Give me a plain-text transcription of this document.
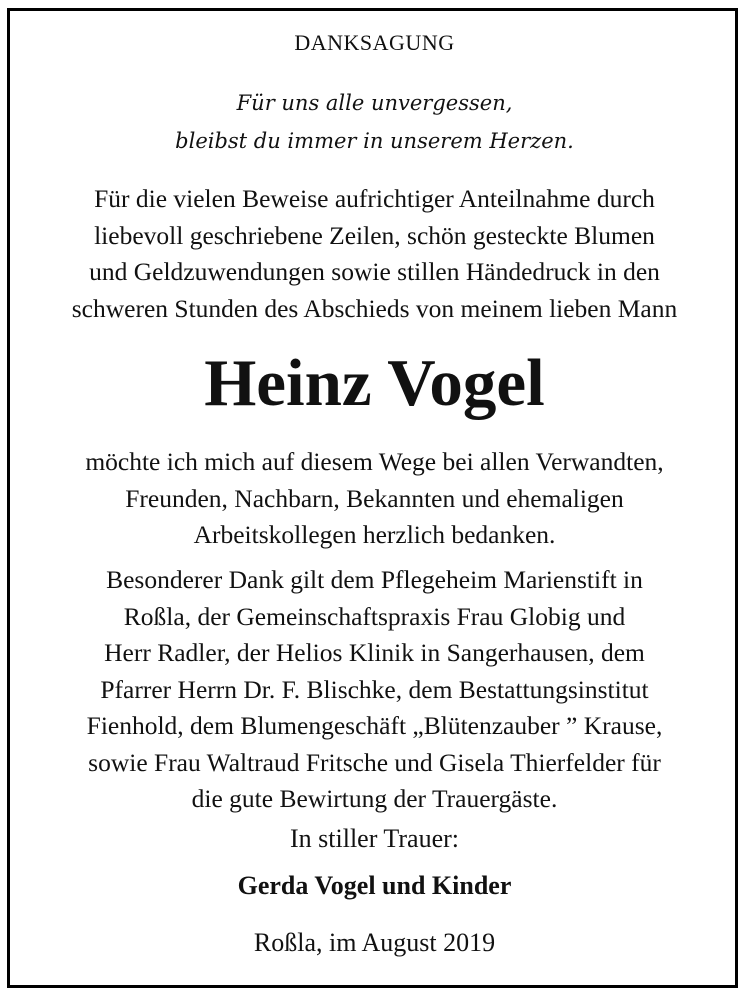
DANKSAGUNG
Für uns alle unvergessen,
bleibst du immer in unserem Herzen.
Für die vielen Beweise aufrichtiger Anteilnahme durch
liebevoll geschriebene Zeilen, schön gesteckte Blumen
und Geldzuwendungen sowie stillen Händedruck in den
schweren Stunden des Abschieds von meinem lieben Mann
Heinz Vogel
möchte ich mich auf diesem Wege bei allen Verwandten,
Freunden, Nachbarn, Bekannten und ehemaligen
Arbeitskollegen herzlich bedanken.
Besonderer Dank gilt dem Pflegeheim Marienstift in
Roßla, der Gemeinschaftspraxis Frau Globig und
Herr Radler, der Helios Klinik in Sangerhausen, dem
Pfarrer Herrn Dr. F. Blischke, dem Bestattungsinstitut
Fienhold, dem Blumengeschäft „Blütenzauber ” Krause,
sowie Frau Waltraud Fritsche und Gisela Thierfelder für
die gute Bewirtung der Trauergäste.
In stiller Trauer:
Gerda Vogel und Kinder
Roßla, im August 2019
